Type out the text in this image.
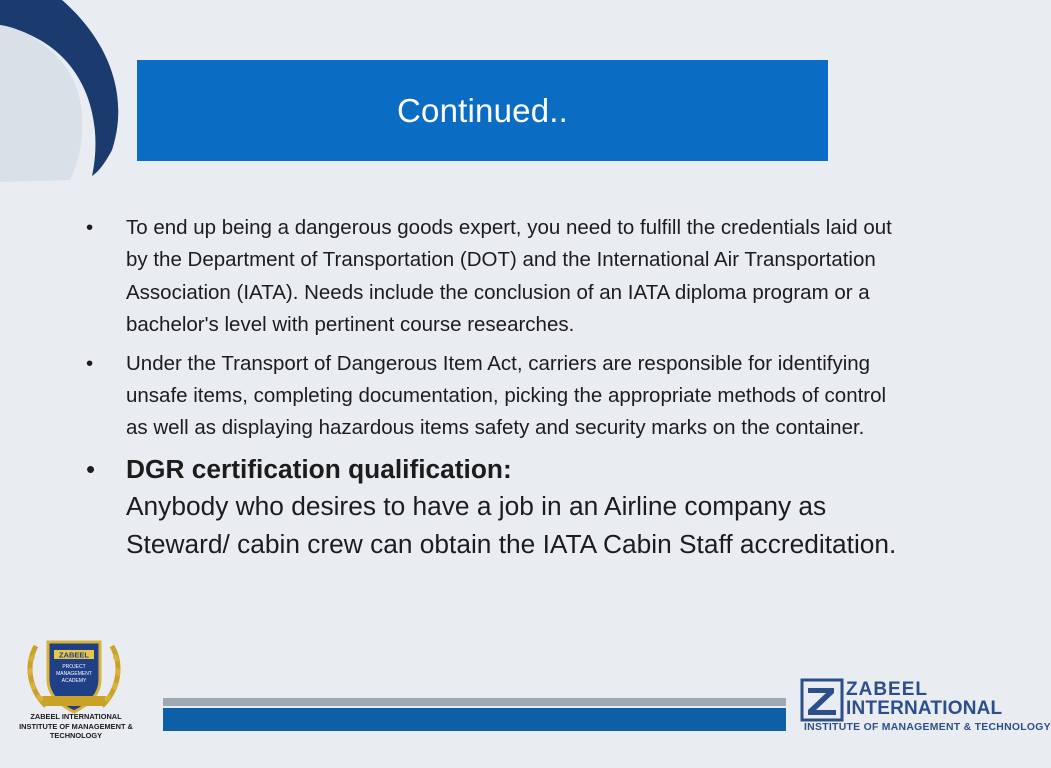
Continued..
• To end up being a dangerous goods expert, you need to fulfill the credentials laid out by the Department of Transportation (DOT) and the International Air Transportation Association (IATA). Needs include the conclusion of an IATA diploma program or a bachelor's level with pertinent course researches.
• Under the Transport of Dangerous Item Act, carriers are responsible for identifying unsafe items, completing documentation, picking the appropriate methods of control as well as displaying hazardous items safety and security marks on the container.
• DGR certification qualification:
Anybody who desires to have a job in an Airline company as Steward/ cabin crew can obtain the IATA Cabin Staff accreditation.
ZABEEL
PROJECT
MANAGEMENT
ACADEMY
ZABEEL INTERNATIONAL
INSTITUTE OF MANAGEMENT & TECHNOLOGY
ZABEEL
INTERNATIONAL
INSTITUTE OF MANAGEMENT & TECHNOLOGY
